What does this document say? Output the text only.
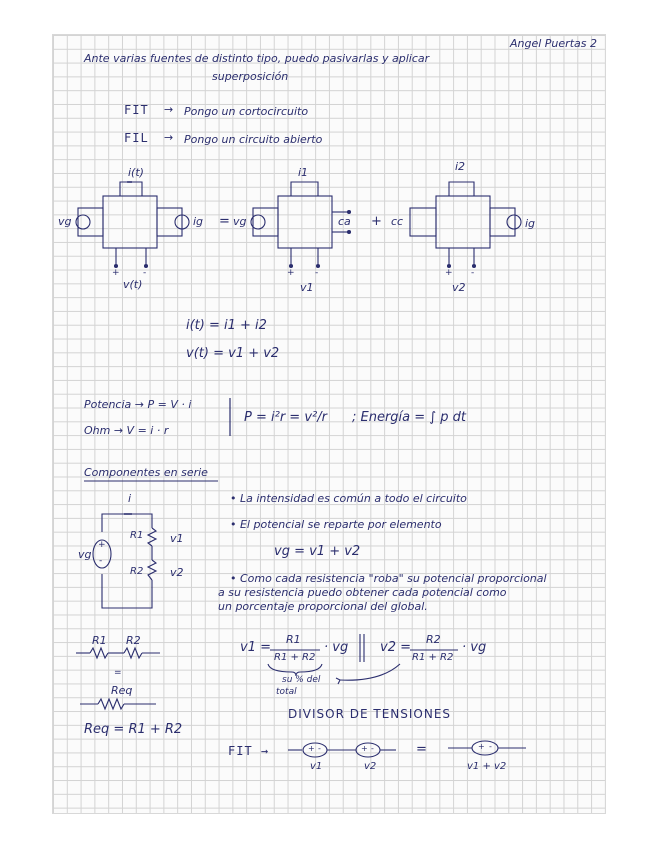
Angel Puertas 2
Ante varias fuentes de distinto tipo, puedo pasivarlas y aplicar
superposición
FIT → Pongo un cortocircuito
FIL → Pongo un circuito abierto
i(t)
vg	ig
+	-
v(t)
= vg
i1
ca
+ -
v1
+ cc
i2
ig
+ -
v2
i(t) = i1 + i2
v(t) = v1 + v2
Potencia → P = V · i
Ohm → V = i · r
P = i²r = v²/r ; Energía = ∫ p dt
Componentes en serie
i
vg
+
-
R1
R2
v1
v2
• La intensidad es común a todo el circuito
• El potencial se reparte por elemento
vg = v1 + v2
• Como cada resistencia "roba" su potencial proporcional
a su resistencia puedo obtener cada potencial como
un porcentaje proporcional del global.
v1 =
R1
R1 + R2
· vg v2 =
R2
R1 + R2
· vg
su % del
total
R1 R2
=
Req
Req = R1 + R2
DIVISOR DE TENSIONES
FIT →	+ -	+ -	+ -
v1	v2
=
v1 + v2
